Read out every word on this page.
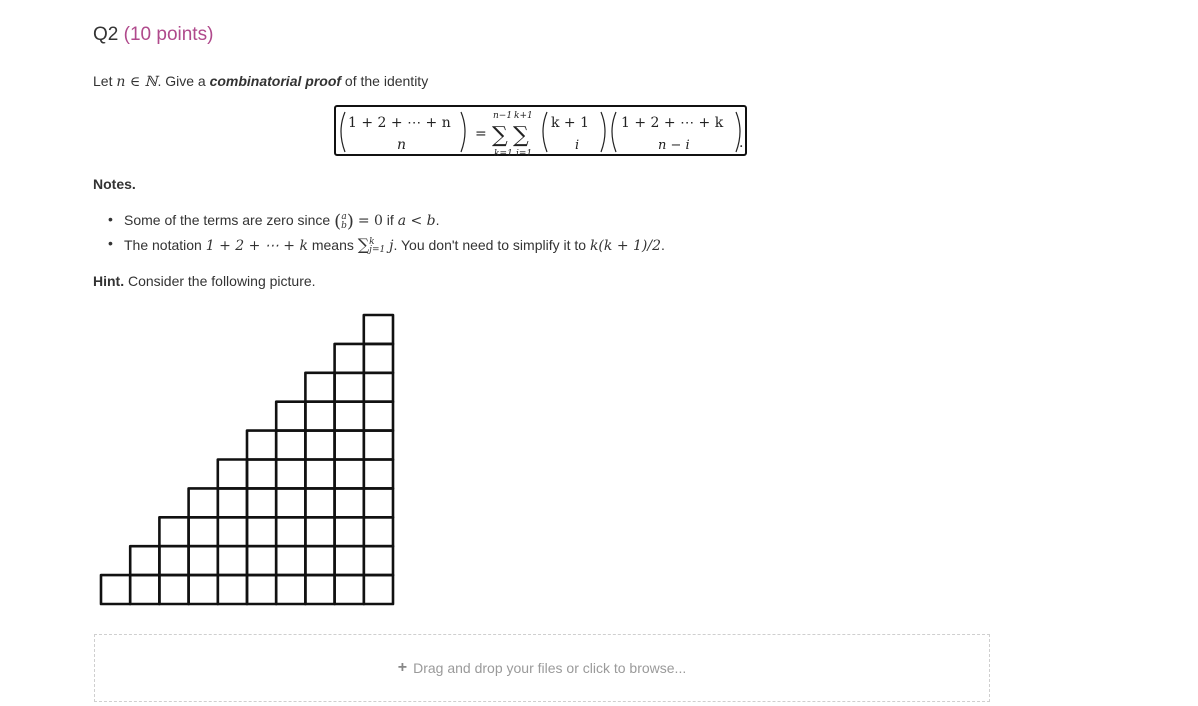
Q2 (10 points)
Let n ∈ ℕ. Give a combinatorial proof of the identity
1 + 2 + ⋯ + n
n
=
n−1
∑
k=1
k+1
∑
i=1
k + 1
i
1 + 2 + ⋯ + k
n − i	.
Notes.
• Some of the terms are zero since ( a
b ) = 0 if a < b.
• The notation 1 + 2 + ⋯ + k means ∑ k
j=1 j. You don't need to simplify it to k(k + 1)/2.
Hint. Consider the following picture.
+ Drag and drop your files or click to browse...
